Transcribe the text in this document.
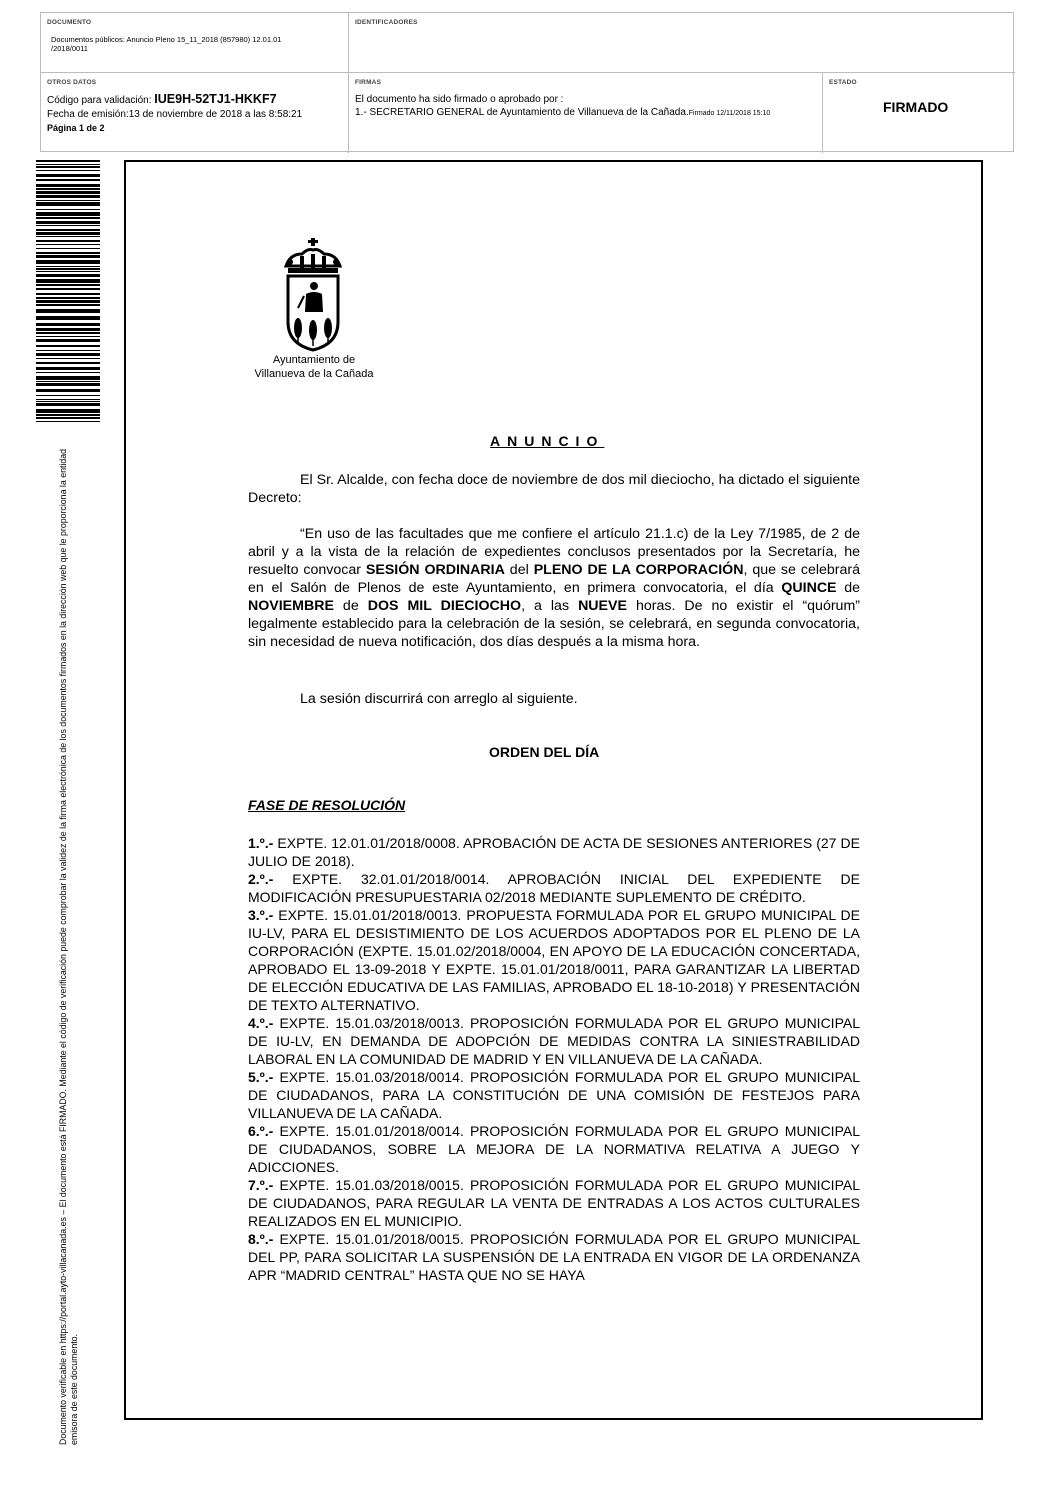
DOCUMENTO
Documentos públicos: Anuncio Pleno 15_11_2018 (857980) 12.01.01 /2018/0011
IDENTIFICADORES
OTROS DATOS
Código para validación: IUE9H-52TJ1-HKKF7
Fecha de emisión:13 de noviembre de 2018 a las 8:58:21
Página 1 de 2
FIRMAS
El documento ha sido firmado o aprobado por :
1.- SECRETARIO GENERAL de Ayuntamiento de Villanueva de la Cañada.Firmado 12/11/2018 15:10
ESTADO
FIRMADO
Documento verificable en https://portal.ayto-villacanada.es – El documento está FIRMADO. Mediante el código de verificación puede comprobar la validez de la firma electrónica de los documentos firmados en la dirección web que le proporciona la entidad
emisora de este documento.
Ayuntamiento de
Villanueva de la Cañada
ANUNCIO
El Sr. Alcalde, con fecha doce de noviembre de dos mil dieciocho, ha dictado el siguiente Decreto:
“En uso de las facultades que me confiere el artículo 21.1.c) de la Ley 7/1985, de 2 de abril y a la vista de la relación de expedientes conclusos presentados por la Secretaría, he resuelto convocar SESIÓN ORDINARIA del PLENO DE LA CORPORACIÓN, que se celebrará en el Salón de Plenos de este Ayuntamiento, en primera convocatoria, el día QUINCE de NOVIEMBRE de DOS MIL DIECIOCHO, a las NUEVE horas. De no existir el “quórum” legalmente establecido para la celebración de la sesión, se celebrará, en segunda convocatoria, sin necesidad de nueva notificación, dos días después a la misma hora.
La sesión discurrirá con arreglo al siguiente.
ORDEN DEL DÍA
FASE DE RESOLUCIÓN
1.º.- EXPTE. 12.01.01/2018/0008. APROBACIÓN DE ACTA DE SESIONES ANTERIORES (27 DE JULIO DE 2018).
2.º.- EXPTE. 32.01.01/2018/0014. APROBACIÓN INICIAL DEL EXPEDIENTE DE MODIFICACIÓN PRESUPUESTARIA 02/2018 MEDIANTE SUPLEMENTO DE CRÉDITO.
3.º.- EXPTE. 15.01.01/2018/0013. PROPUESTA FORMULADA POR EL GRUPO MUNICIPAL DE IU-LV, PARA EL DESISTIMIENTO DE LOS ACUERDOS ADOPTADOS POR EL PLENO DE LA CORPORACIÓN (EXPTE. 15.01.02/2018/0004, EN APOYO DE LA EDUCACIÓN CONCERTADA, APROBADO EL 13-09-2018 Y EXPTE. 15.01.01/2018/0011, PARA GARANTIZAR LA LIBERTAD DE ELECCIÓN EDUCATIVA DE LAS FAMILIAS, APROBADO EL 18-10-2018) Y PRESENTACIÓN DE TEXTO ALTERNATIVO.
4.º.- EXPTE. 15.01.03/2018/0013. PROPOSICIÓN FORMULADA POR EL GRUPO MUNICIPAL DE IU-LV, EN DEMANDA DE ADOPCIÓN DE MEDIDAS CONTRA LA SINIESTRABILIDAD LABORAL EN LA COMUNIDAD DE MADRID Y EN VILLANUEVA DE LA CAÑADA.
5.º.- EXPTE. 15.01.03/2018/0014. PROPOSICIÓN FORMULADA POR EL GRUPO MUNICIPAL DE CIUDADANOS, PARA LA CONSTITUCIÓN DE UNA COMISIÓN DE FESTEJOS PARA VILLANUEVA DE LA CAÑADA.
6.º.- EXPTE. 15.01.01/2018/0014. PROPOSICIÓN FORMULADA POR EL GRUPO MUNICIPAL DE CIUDADANOS, SOBRE LA MEJORA DE LA NORMATIVA RELATIVA A JUEGO Y ADICCIONES.
7.º.- EXPTE. 15.01.03/2018/0015. PROPOSICIÓN FORMULADA POR EL GRUPO MUNICIPAL DE CIUDADANOS, PARA REGULAR LA VENTA DE ENTRADAS A LOS ACTOS CULTURALES REALIZADOS EN EL MUNICIPIO.
8.º.- EXPTE. 15.01.01/2018/0015. PROPOSICIÓN FORMULADA POR EL GRUPO MUNICIPAL DEL PP, PARA SOLICITAR LA SUSPENSIÓN DE LA ENTRADA EN VIGOR DE LA ORDENANZA APR “MADRID CENTRAL” HASTA QUE NO SE HAYA
